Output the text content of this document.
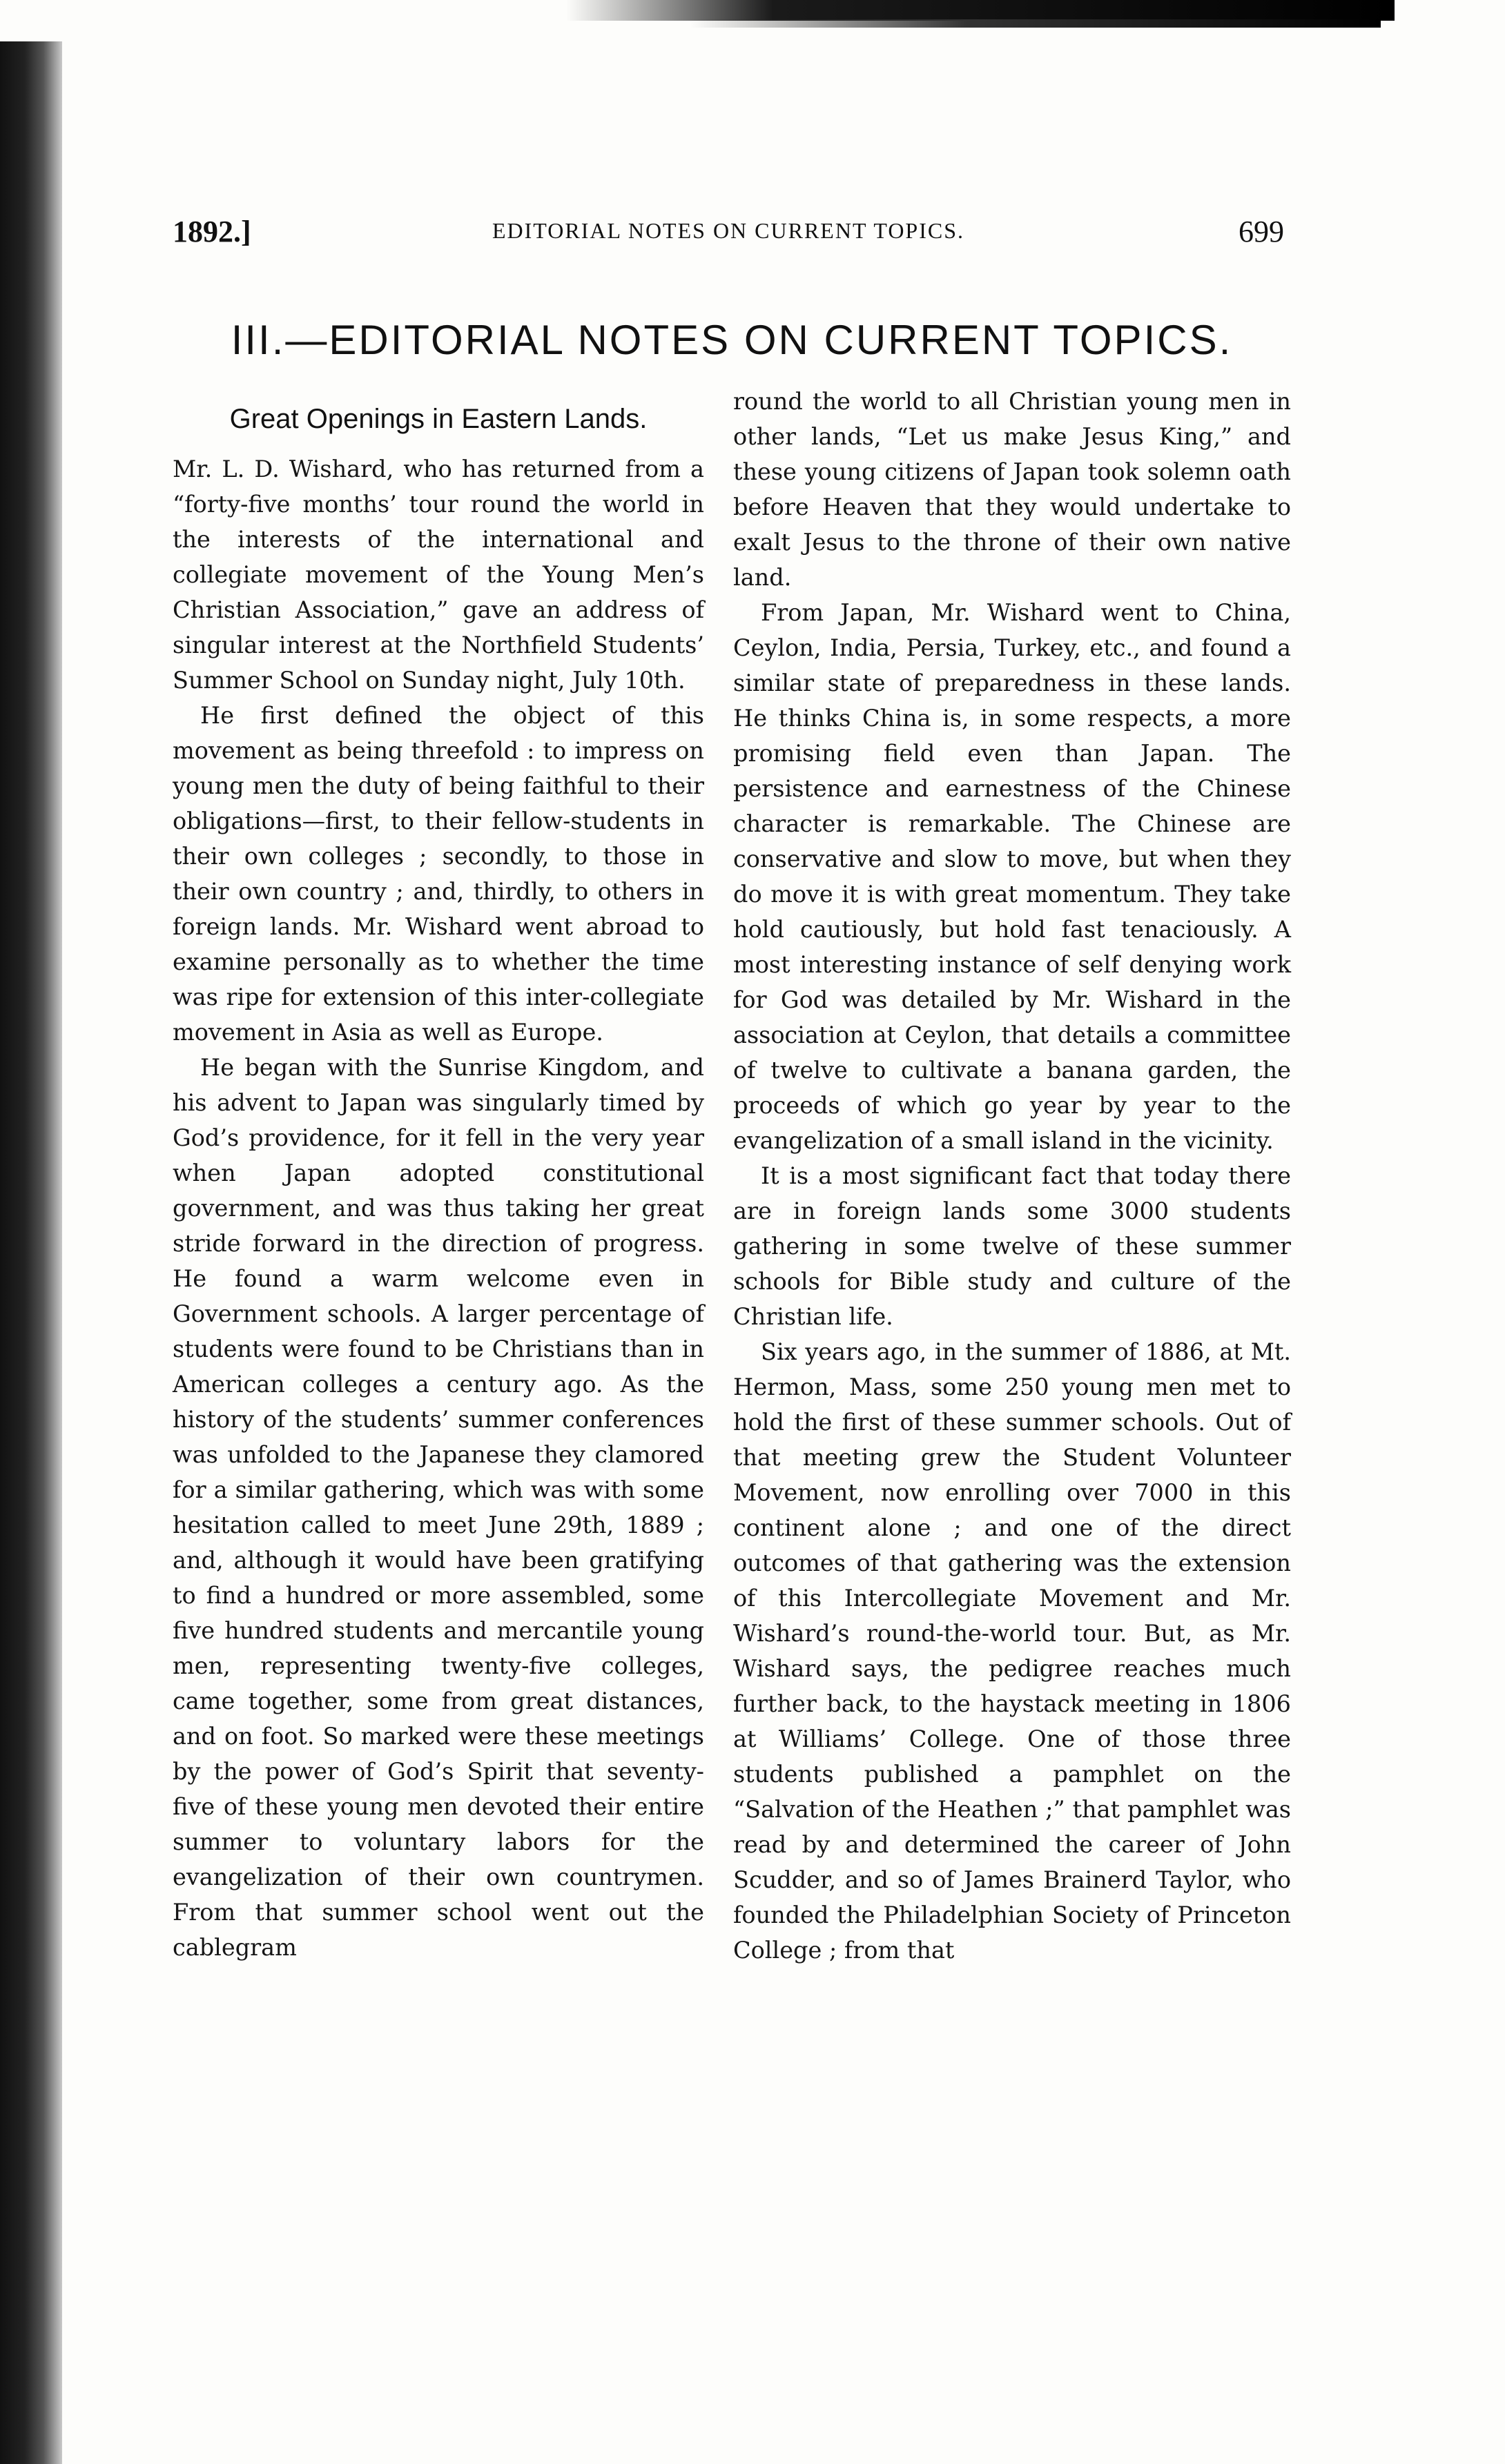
1892.]	EDITORIAL NOTES ON CURRENT TOPICS.	699
III.—EDITORIAL NOTES ON CURRENT TOPICS.
Great Openings in Eastern Lands.

Mr. L. D. Wishard, who has returned from a “forty-five months’ tour round the world in the interests of the international and collegiate movement of the Young Men’s Christian Association,” gave an address of singular interest at the Northfield Students’ Summer School on Sunday night, July 10th.

He first defined the object of this movement as being threefold : to impress on young men the duty of being faithful to their obligations—first, to their fellow-students in their own colleges ; secondly, to those in their own country ; and, thirdly, to others in foreign lands. Mr. Wishard went abroad to examine personally as to whether the time was ripe for extension of this inter-collegiate movement in Asia as well as Europe.

He began with the Sunrise Kingdom, and his advent to Japan was singularly timed by God’s providence, for it fell in the very year when Japan adopted constitutional government, and was thus taking her great stride forward in the direction of progress. He found a warm welcome even in Government schools. A larger percentage of students were found to be Christians than in American colleges a century ago. As the history of the students’ summer conferences was unfolded to the Japanese they clamored for a similar gathering, which was with some hesitation called to meet June 29th, 1889 ; and, although it would have been gratifying to find a hundred or more assembled, some five hundred students and mercantile young men, representing twenty-five colleges, came together, some from great distances, and on foot. So marked were these meetings by the power of God’s Spirit that seventy-five of these young men devoted their entire summer to voluntary labors for the evangelization of their own countrymen. From that summer school went out the cablegram

round the world to all Christian young men in other lands, “Let us make Jesus King,” and these young citizens of Japan took solemn oath before Heaven that they would undertake to exalt Jesus to the throne of their own native land.

From Japan, Mr. Wishard went to China, Ceylon, India, Persia, Turkey, etc., and found a similar state of preparedness in these lands. He thinks China is, in some respects, a more promising field even than Japan. The persistence and earnestness of the Chinese character is remarkable. The Chinese are conservative and slow to move, but when they do move it is with great momentum. They take hold cautiously, but hold fast tenaciously. A most interesting instance of self denying work for God was detailed by Mr. Wishard in the association at Ceylon, that details a committee of twelve to cultivate a banana garden, the proceeds of which go year by year to the evangelization of a small island in the vicinity.

It is a most significant fact that today there are in foreign lands some 3000 students gathering in some twelve of these summer schools for Bible study and culture of the Christian life.

Six years ago, in the summer of 1886, at Mt. Hermon, Mass, some 250 young men met to hold the first of these summer schools. Out of that meeting grew the Student Volunteer Movement, now enrolling over 7000 in this continent alone ; and one of the direct outcomes of that gathering was the extension of this Intercollegiate Movement and Mr. Wishard’s round-the-world tour. But, as Mr. Wishard says, the pedigree reaches much further back, to the haystack meeting in 1806 at Williams’ College. One of those three students published a pamphlet on the “Salvation of the Heathen ;” that pamphlet was read by and determined the career of John Scudder, and so of James Brainerd Taylor, who founded the Philadelphian Society of Princeton College ; from that
